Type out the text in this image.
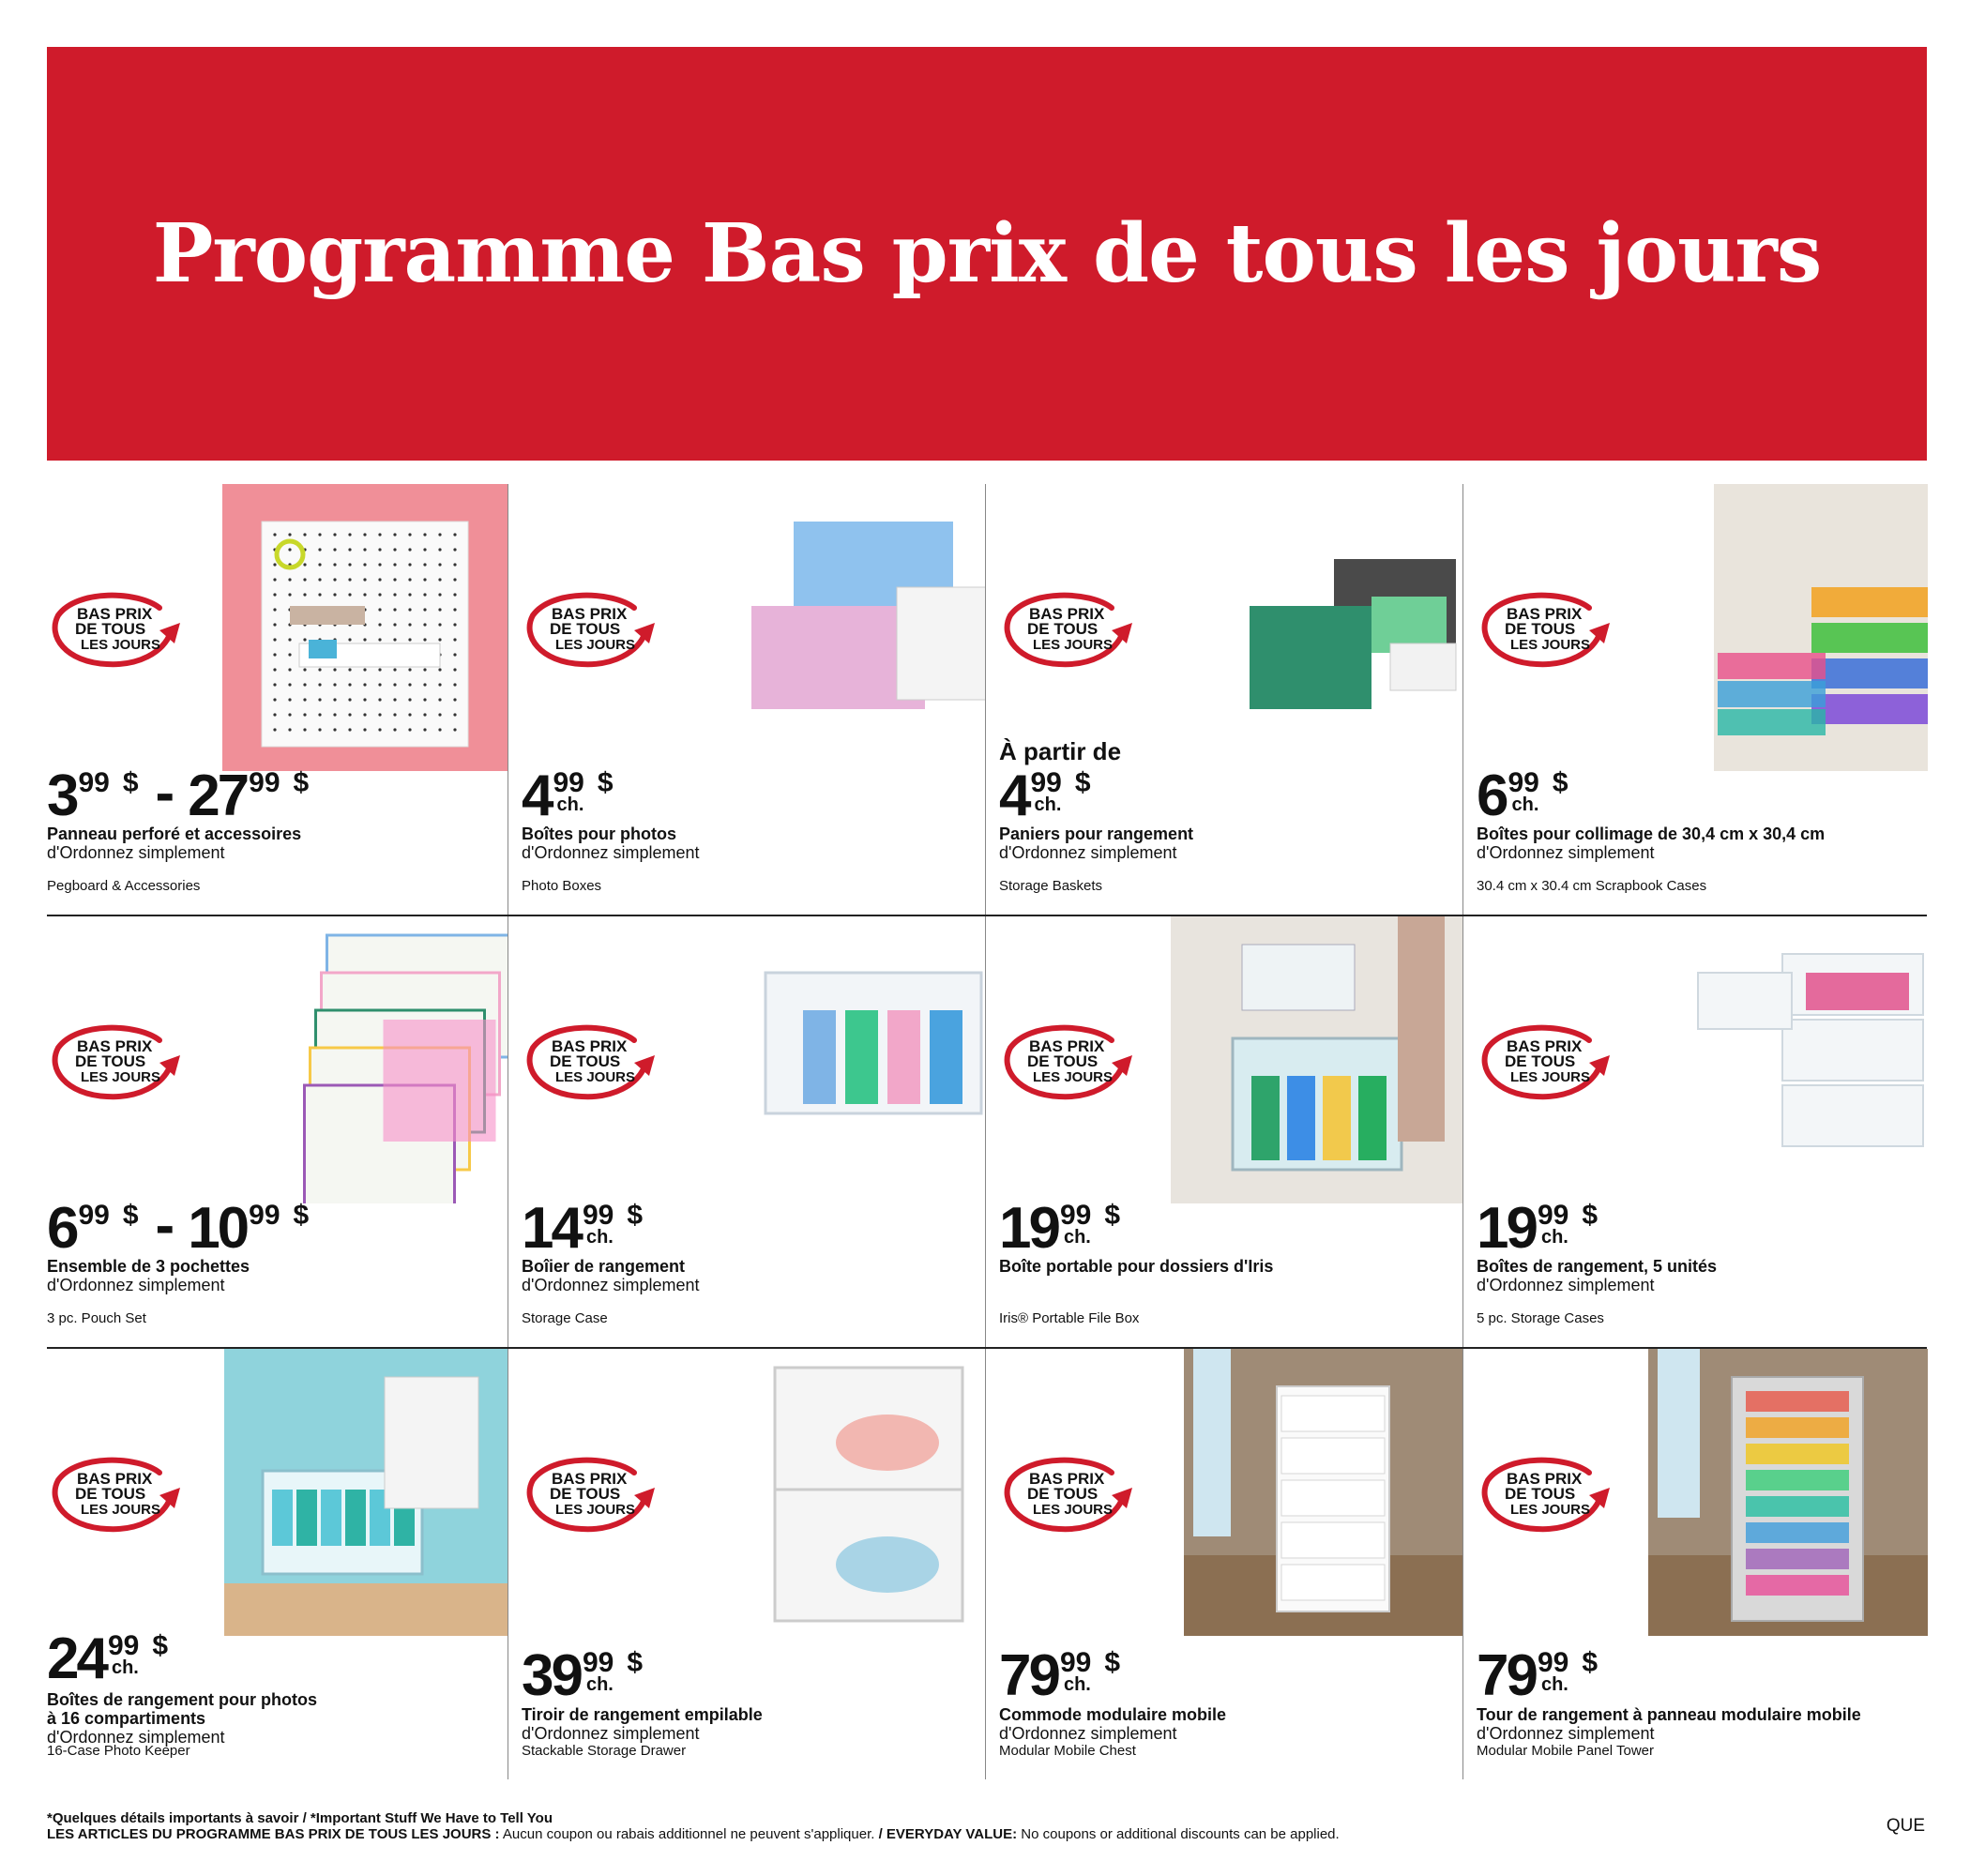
Programme Bas prix de tous les jours
BAS PRIX
DE TOUS
LES JOURS
399 $ - 2799 $
Panneau perforé et accessoires
d'Ordonnez simplement
Pegboard & Accessories
BAS PRIX
DE TOUS
LES JOURS
499
ch.
$
Boîtes pour photos
d'Ordonnez simplement
Photo Boxes
BAS PRIX
DE TOUS
LES JOURS
À partir de
499
ch.
$
Paniers pour rangement
d'Ordonnez simplement
Storage Baskets
BAS PRIX
DE TOUS
LES JOURS
699
ch.
$
Boîtes pour collimage de 30,4 cm x 30,4 cm
d'Ordonnez simplement
30.4 cm x 30.4 cm Scrapbook Cases
BAS PRIX
DE TOUS
LES JOURS
699 $ - 1099 $
Ensemble de 3 pochettes
d'Ordonnez simplement
3 pc. Pouch Set
BAS PRIX
DE TOUS
LES JOURS
1499
ch.
$
Boîier de rangement
d'Ordonnez simplement
Storage Case
BAS PRIX
DE TOUS
LES JOURS
1999
ch.
$
Boîte portable pour dossiers d'Iris
Iris® Portable File Box
BAS PRIX
DE TOUS
LES JOURS
1999
ch.
$
Boîtes de rangement, 5 unités
d'Ordonnez simplement
5 pc. Storage Cases
BAS PRIX
DE TOUS
LES JOURS
2499
ch.
$
Boîtes de rangement pour photos
à 16 compartiments
d'Ordonnez simplement
16-Case Photo Keeper
BAS PRIX
DE TOUS
LES JOURS
3999
ch.
$
Tiroir de rangement empilable
d'Ordonnez simplement
Stackable Storage Drawer
BAS PRIX
DE TOUS
LES JOURS
7999
ch.
$
Commode modulaire mobile
d'Ordonnez simplement
Modular Mobile Chest
BAS PRIX
DE TOUS
LES JOURS
7999
ch.
$
Tour de rangement à panneau modulaire mobile
d'Ordonnez simplement
Modular Mobile Panel Tower
*Quelques détails importants à savoir / *Important Stuff We Have to Tell You
LES ARTICLES DU PROGRAMME BAS PRIX DE TOUS LES JOURS : Aucun coupon ou rabais additionnel ne peuvent s'appliquer. / EVERYDAY VALUE: No coupons or additional discounts can be applied.	QUE
